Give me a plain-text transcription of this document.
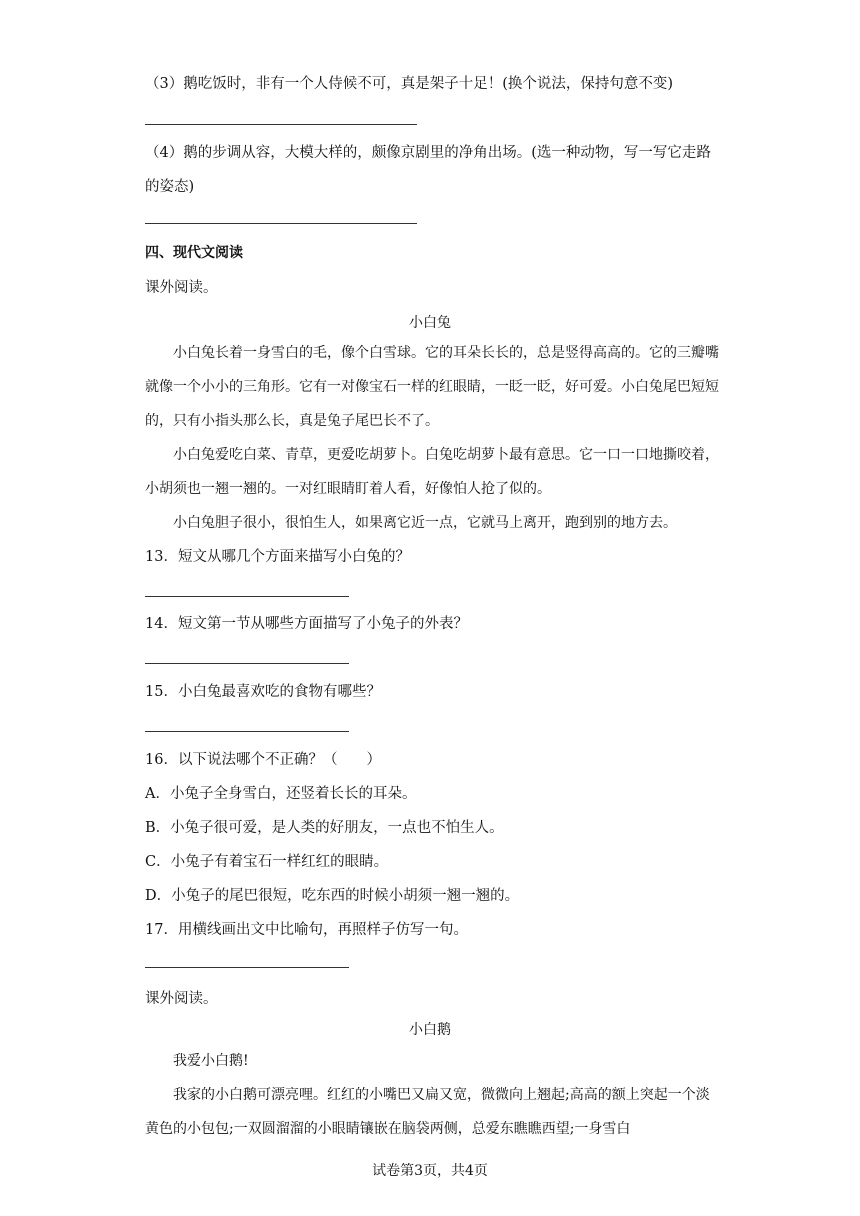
（3）鹅吃饭时，非有一个人侍候不可，真是架子十足！(换个说法，保持句意不变)
（4）鹅的步调从容，大模大样的，颇像京剧里的净角出场。(选一种动物，写一写它走路的姿态)
四、现代文阅读
课外阅读。
小白兔

小白兔长着一身雪白的毛，像个白雪球。它的耳朵长长的，总是竖得高高的。它的三瓣嘴就像一个小小的三角形。它有一对像宝石一样的红眼睛，一眨一眨，好可爱。小白兔尾巴短短的，只有小指头那么长，真是兔子尾巴长不了。

小白兔爱吃白菜、青草，更爱吃胡萝卜。白兔吃胡萝卜最有意思。它一口一口地撕咬着，小胡须也一翘一翘的。一对红眼睛盯着人看，好像怕人抢了似的。

小白兔胆子很小，很怕生人，如果离它近一点，它就马上离开，跑到别的地方去。

13．短文从哪几个方面来描写小白兔的？
14．短文第一节从哪些方面描写了小兔子的外表？
15．小白兔最喜欢吃的食物有哪些？
16．以下说法哪个不正确？（　　）
A．小兔子全身雪白，还竖着长长的耳朵。
B．小兔子很可爱，是人类的好朋友，一点也不怕生人。
C．小兔子有着宝石一样红红的眼睛。
D．小兔子的尾巴很短，吃东西的时候小胡须一翘一翘的。
17．用横线画出文中比喻句，再照样子仿写一句。
课外阅读。
小白鹅

我爱小白鹅!

我家的小白鹅可漂亮哩。红红的小嘴巴又扁又宽，微微向上翘起;高高的额上突起一个淡黄色的小包包;一双圆溜溜的小眼睛镶嵌在脑袋两侧，总爱东瞧瞧西望;一身雪白

试卷第3页，共4页
